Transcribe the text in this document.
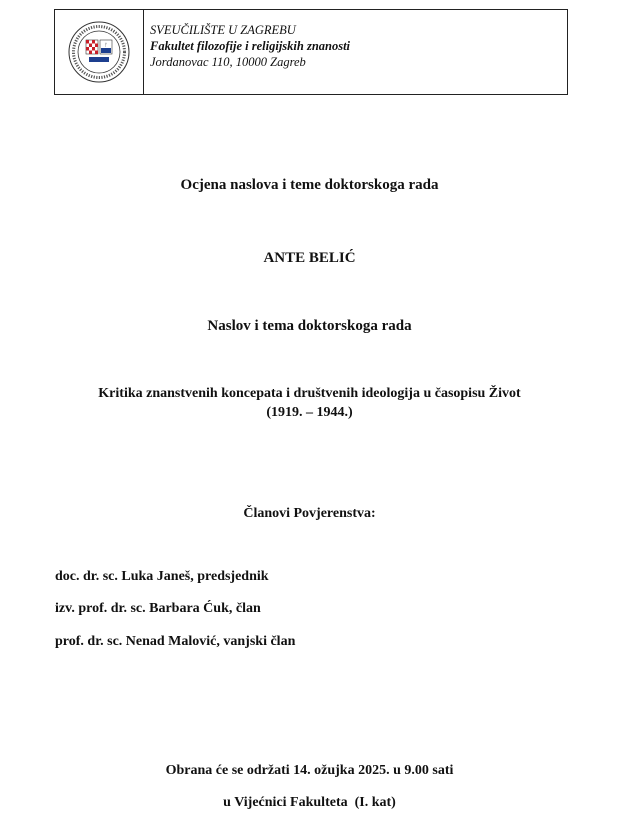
ᚠ
SVEUČILIŠTE U ZAGREBU
Fakultet filozofije i religijskih znanosti
Jordanovac 110, 10000 Zagreb
Ocjena naslova i teme doktorskoga rada
ANTE BELIĆ
Naslov i tema doktorskoga rada
Kritika znanstvenih koncepata i društvenih ideologija u časopisu Život
(1919. – 1944.)
Članovi Povjerenstva:
doc. dr. sc. Luka Janeš, predsjednik
izv. prof. dr. sc. Barbara Ćuk, član
prof. dr. sc. Nenad Malović, vanjski član
Obrana će se održati 14. ožujka 2025. u 9.00 sati
u Vijećnici Fakulteta  (I. kat)
